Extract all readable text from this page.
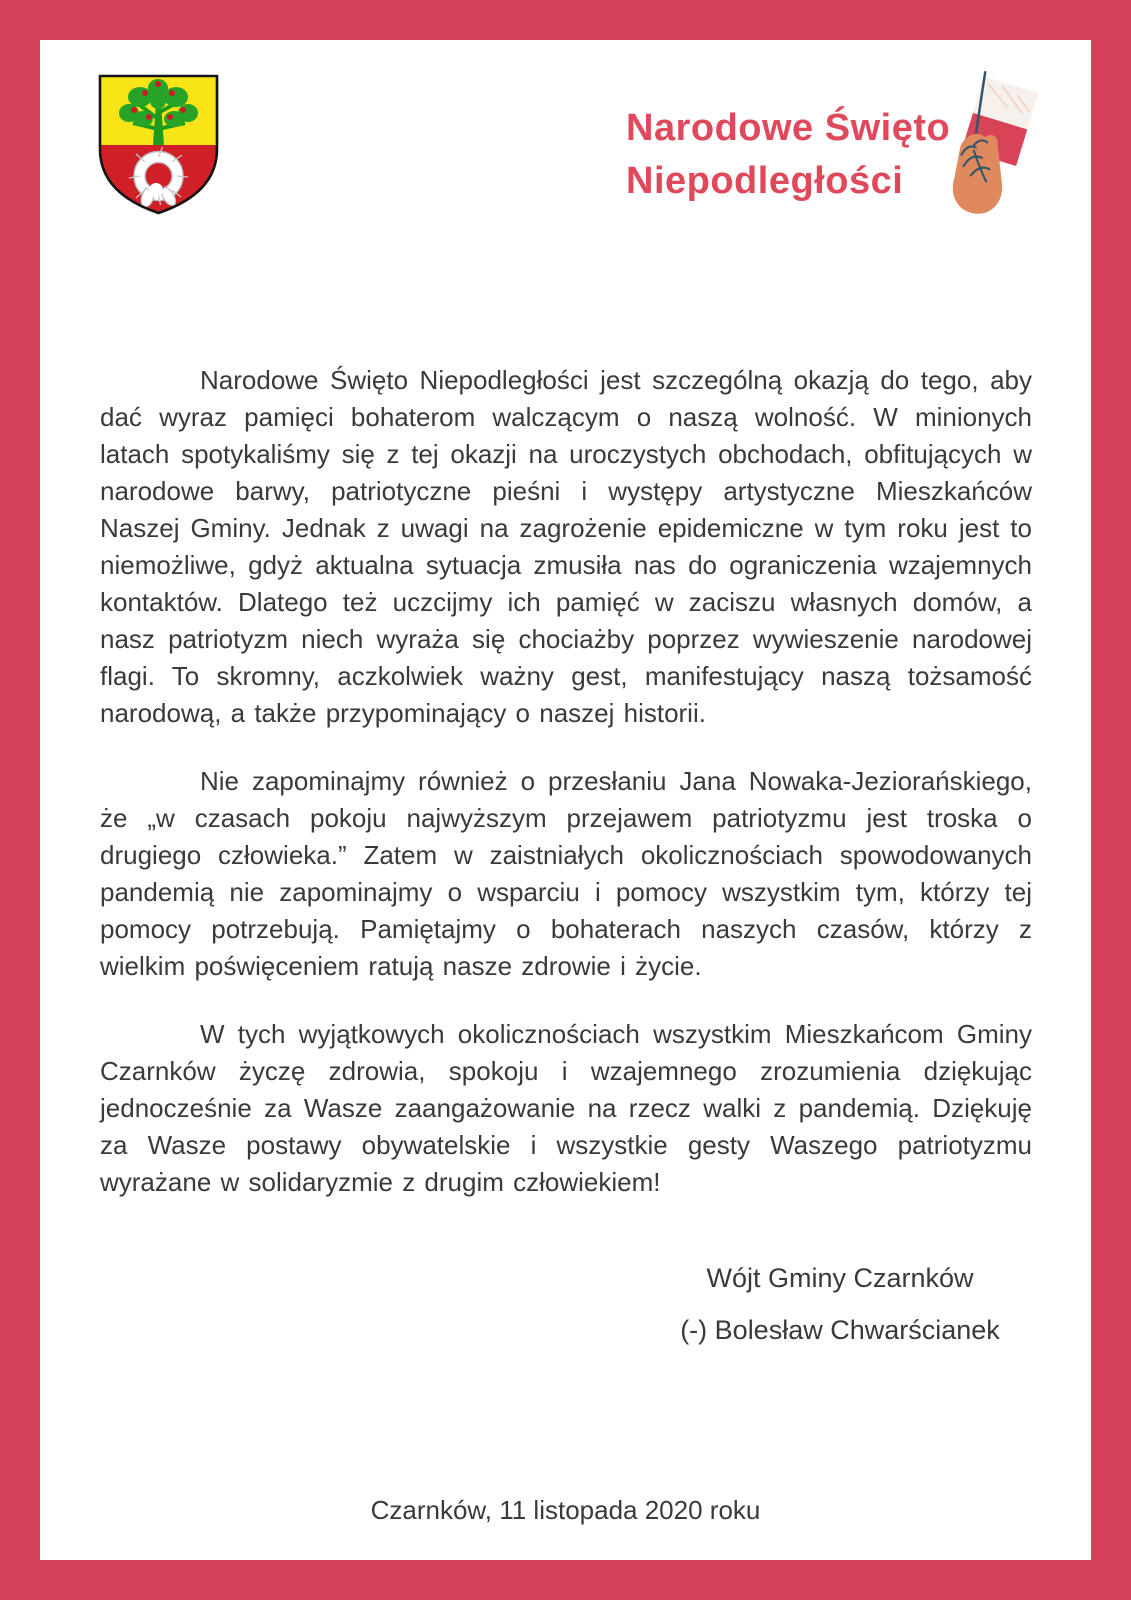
Narodowe Święto
Niepodległości

Narodowe Święto Niepodległości jest szczególną okazją do tego, aby dać wyraz pamięci bohaterom walczącym o naszą wolność. W minionych latach spotykaliśmy się z tej okazji na uroczystych obchodach, obfitujących w narodowe barwy, patriotyczne pieśni i występy artystyczne Mieszkańców Naszej Gminy. Jednak z uwagi na zagrożenie epidemiczne w tym roku jest to niemożliwe, gdyż aktualna sytuacja zmusiła nas do ograniczenia wzajemnych kontaktów. Dlatego też uczcijmy ich pamięć w zaciszu własnych domów, a nasz patriotyzm niech wyraża się chociażby poprzez wywieszenie narodowej flagi. To skromny, aczkolwiek ważny gest, manifestujący naszą tożsamość narodową, a także przypominający o naszej historii.

Nie zapominajmy również o przesłaniu Jana Nowaka-Jeziorańskiego, że „w czasach pokoju najwyższym przejawem patriotyzmu jest troska o drugiego człowieka.” Zatem w zaistniałych okolicznościach spowodowanych pandemią nie zapominajmy o wsparciu i pomocy wszystkim tym, którzy tej pomocy potrzebują. Pamiętajmy o bohaterach naszych czasów, którzy z wielkim poświęceniem ratują nasze zdrowie i życie.

W tych wyjątkowych okolicznościach wszystkim Mieszkańcom Gminy Czarnków życzę zdrowia, spokoju i wzajemnego zrozumienia dziękując jednocześnie za Wasze zaangażowanie na rzecz walki z pandemią. Dziękuję za Wasze postawy obywatelskie i wszystkie gesty Waszego patriotyzmu wyrażane w solidaryzmie z drugim człowiekiem!

Wójt Gminy Czarnków
(-) Bolesław Chwarścianek
Czarnków, 11 listopada 2020 roku
